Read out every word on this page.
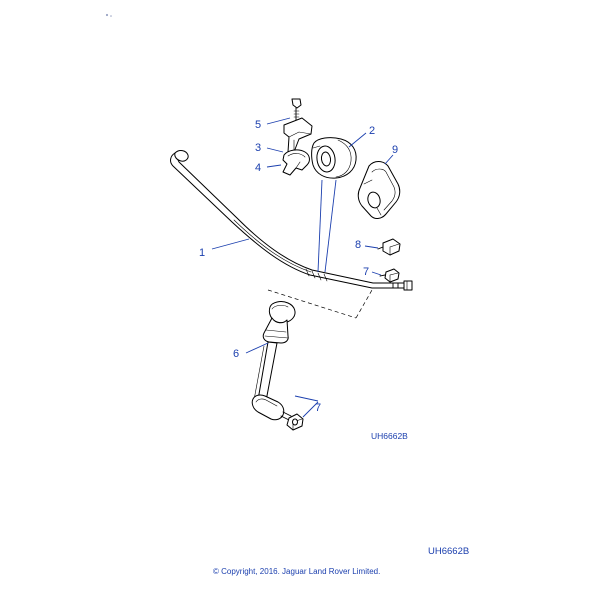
1
2
3
4
5
6
7
7
8
9
UH6662B
UH6662B
© Copyright, 2016. Jaguar Land Rover Limited.
